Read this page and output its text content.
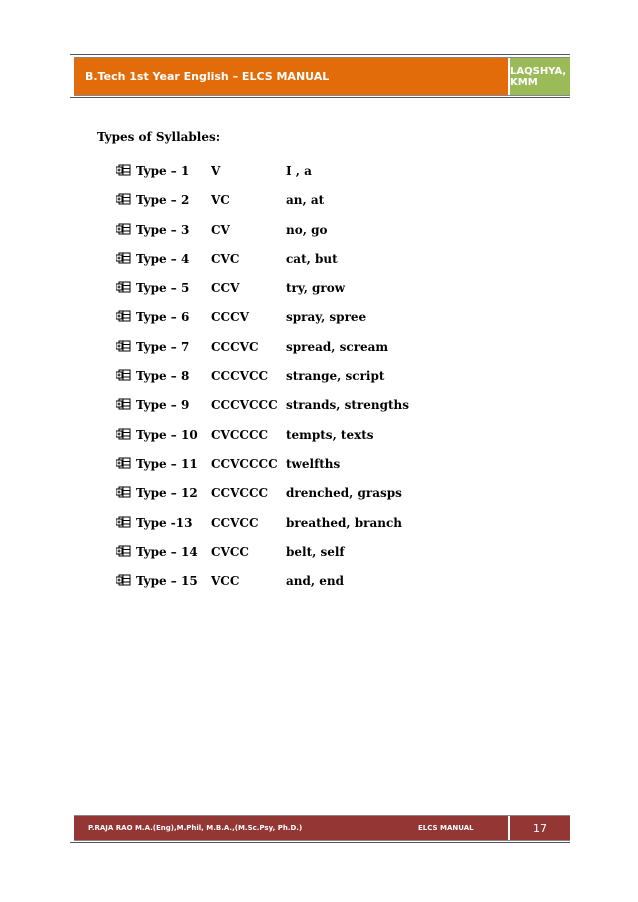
B.Tech 1st Year English – ELCS MANUAL	LAQSHYA, KMM
Types of Syllables:
Type – 1	V	I , a
Type – 2	VC	an, at
Type – 3	CV	no, go
Type – 4	CVC	cat, but
Type – 5	CCV	try, grow
Type – 6	CCCV	spray, spree
Type – 7	CCCVC	spread, scream
Type – 8	CCCVCC	strange, script
Type – 9	CCCVCCC strands, strengths
Type – 10	CVCCCC	tempts, texts
Type – 11	CCVCCCC twelfths
Type – 12	CCVCCC	drenched, grasps
Type -13	CCVCC	breathed, branch
Type – 14	CVCC	belt, self
Type – 15	VCC	and, end
P.RAJA RAO M.A.(Eng),M.Phil, M.B.A.,(M.Sc.Psy, Ph.D.)	ELCS MANUAL	17
